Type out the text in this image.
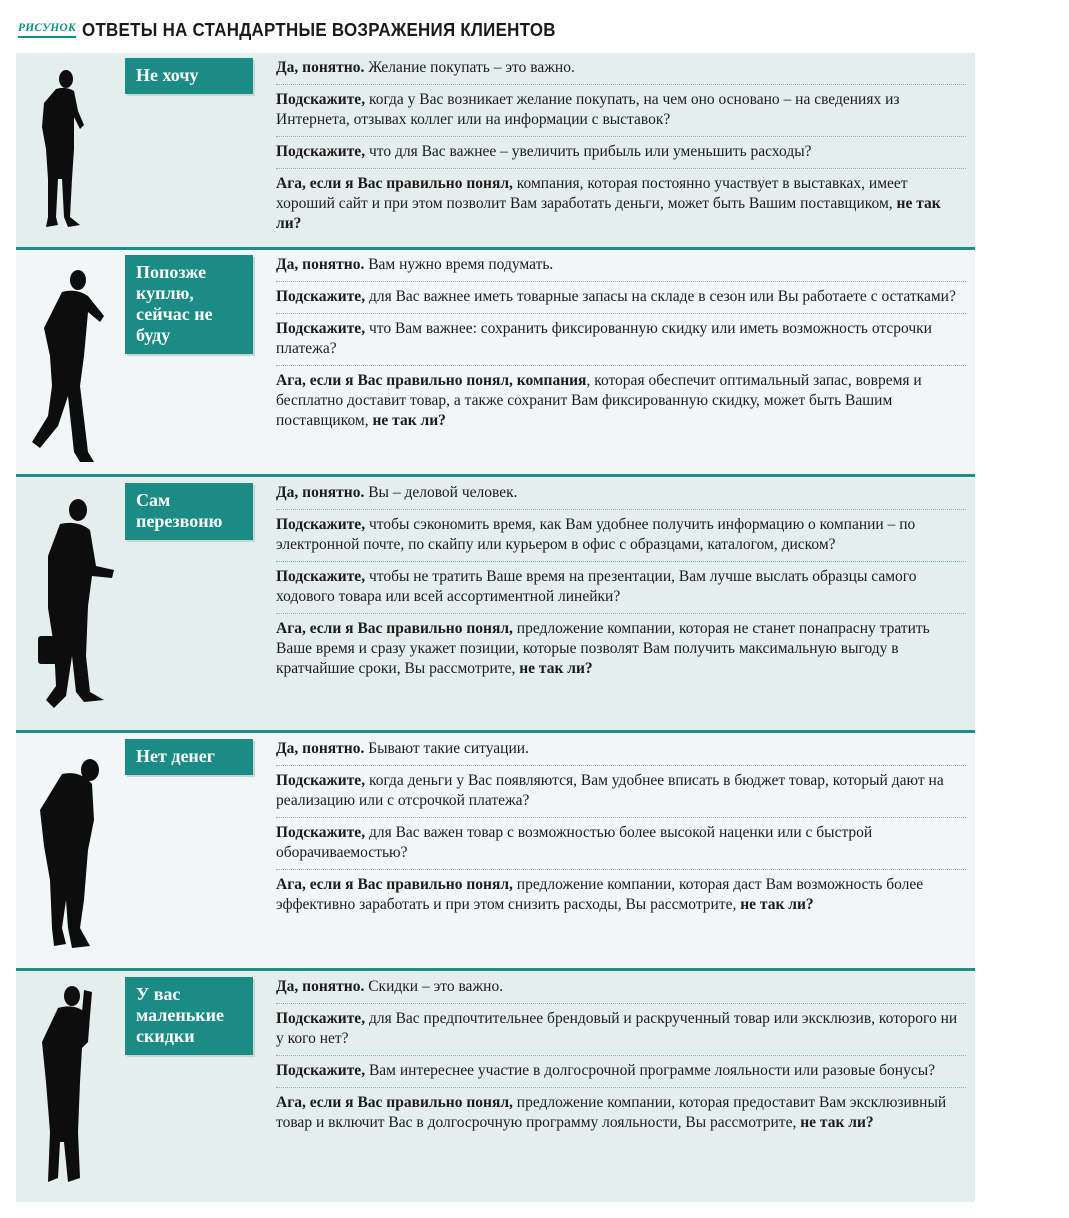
РИСУНОК ОТВЕТЫ НА СТАНДАРТНЫЕ ВОЗРАЖЕНИЯ КЛИЕНТОВ
Не хочу	Да, понятно. Желание покупать – это важно.
Подскажите, когда у Вас возникает желание покупать, на чем оно основано – на сведениях из Интернета, отзывах коллег или на информации с выставок?
Подскажите, что для Вас важнее – увеличить прибыль или уменьшить расходы?
Ага, если я Вас правильно понял, компания, которая постоянно участвует в выставках, имеет хороший сайт и при этом позволит Вам заработать деньги, может быть Вашим поставщиком, не так ли?
Попозже куплю, сейчас не буду
Да, понятно. Вам нужно время подумать.
Подскажите, для Вас важнее иметь товарные запасы на складе в сезон или Вы работаете с остатками?
Подскажите, что Вам важнее: сохранить фиксированную скидку или иметь возможность отсрочки платежа?
Ага, если я Вас правильно понял, компания, которая обеспечит оптимальный запас, вовремя и бесплатно доставит товар, а также сохранит Вам фиксированную скидку, может быть Вашим поставщиком, не так ли?
Сам перезвоню
Да, понятно. Вы – деловой человек.
Подскажите, чтобы сэкономить время, как Вам удобнее получить информацию о компании – по электронной почте, по скайпу или курьером в офис с образцами, каталогом, диском?
Подскажите, чтобы не тратить Ваше время на презентации, Вам лучше выслать образцы самого ходового товара или всей ассортиментной линейки?
Ага, если я Вас правильно понял, предложение компании, которая не станет понапрасну тратить Ваше время и сразу укажет позиции, которые позволят Вам получить максимальную выгоду в кратчайшие сроки, Вы рассмотрите, не так ли?
Нет денег	Да, понятно. Бывают такие ситуации.
Подскажите, когда деньги у Вас появляются, Вам удобнее вписать в бюджет товар, который дают на реализацию или с отсрочкой платежа?
Подскажите, для Вас важен товар с возможностью более высокой наценки или с быстрой оборачиваемостью?
Ага, если я Вас правильно понял, предложение компании, которая даст Вам возможность более эффективно заработать и при этом снизить расходы, Вы рассмотрите, не так ли?
У вас маленькие скидки
Да, понятно. Скидки – это важно.
Подскажите, для Вас предпочтительнее брендовый и раскрученный товар или эксклюзив, которого ни у кого нет?
Подскажите, Вам интереснее участие в долгосрочной программе лояльности или разовые бонусы?
Ага, если я Вас правильно понял, предложение компании, которая предоставит Вам эксклюзивный товар и включит Вас в долгосрочную программу лояльности, Вы рассмотрите, не так ли?
